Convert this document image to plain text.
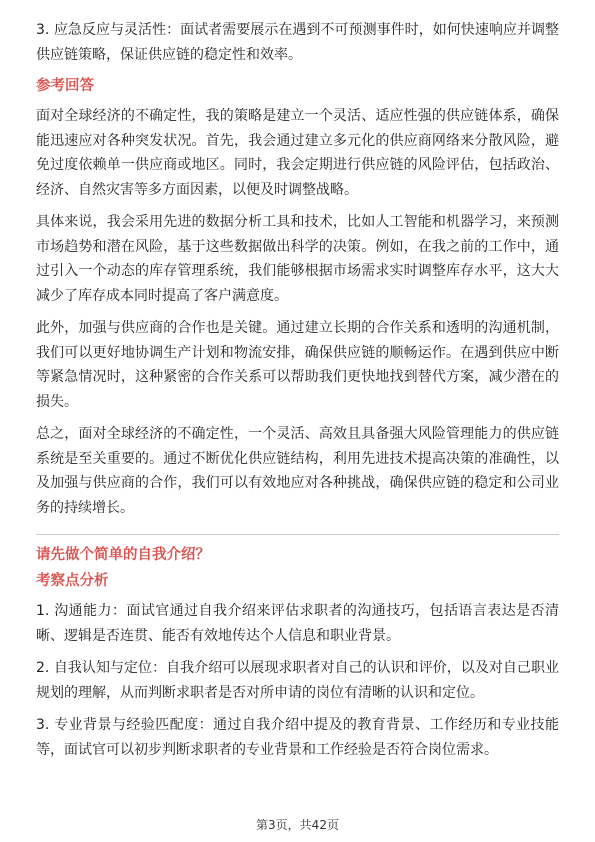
3. 应急反应与灵活性：面试者需要展示在遇到不可预测事件时，如何快速响应并调整供应链策略，保证供应链的稳定性和效率。

参考回答

面对全球经济的不确定性，我的策略是建立一个灵活、适应性强的供应链体系，确保能迅速应对各种突发状况。首先，我会通过建立多元化的供应商网络来分散风险，避免过度依赖单一供应商或地区。同时，我会定期进行供应链的风险评估，包括政治、经济、自然灾害等多方面因素，以便及时调整战略。

具体来说，我会采用先进的数据分析工具和技术，比如人工智能和机器学习，来预测市场趋势和潜在风险，基于这些数据做出科学的决策。例如，在我之前的工作中，通过引入一个动态的库存管理系统，我们能够根据市场需求实时调整库存水平，这大大减少了库存成本同时提高了客户满意度。

此外，加强与供应商的合作也是关键。通过建立长期的合作关系和透明的沟通机制，我们可以更好地协调生产计划和物流安排，确保供应链的顺畅运作。在遇到供应中断等紧急情况时，这种紧密的合作关系可以帮助我们更快地找到替代方案，减少潜在的损失。

总之，面对全球经济的不确定性，一个灵活、高效且具备强大风险管理能力的供应链系统是至关重要的。通过不断优化供应链结构，利用先进技术提高决策的准确性，以及加强与供应商的合作，我们可以有效地应对各种挑战，确保供应链的稳定和公司业务的持续增长。

请先做个简单的自我介绍？

考察点分析

1. 沟通能力：面试官通过自我介绍来评估求职者的沟通技巧，包括语言表达是否清晰、逻辑是否连贯、能否有效地传达个人信息和职业背景。

2. 自我认知与定位：自我介绍可以展现求职者对自己的认识和评价，以及对自己职业规划的理解，从而判断求职者是否对所申请的岗位有清晰的认识和定位。

3. 专业背景与经验匹配度：通过自我介绍中提及的教育背景、工作经历和专业技能等，面试官可以初步判断求职者的专业背景和工作经验是否符合岗位需求。

第3页，共42页
